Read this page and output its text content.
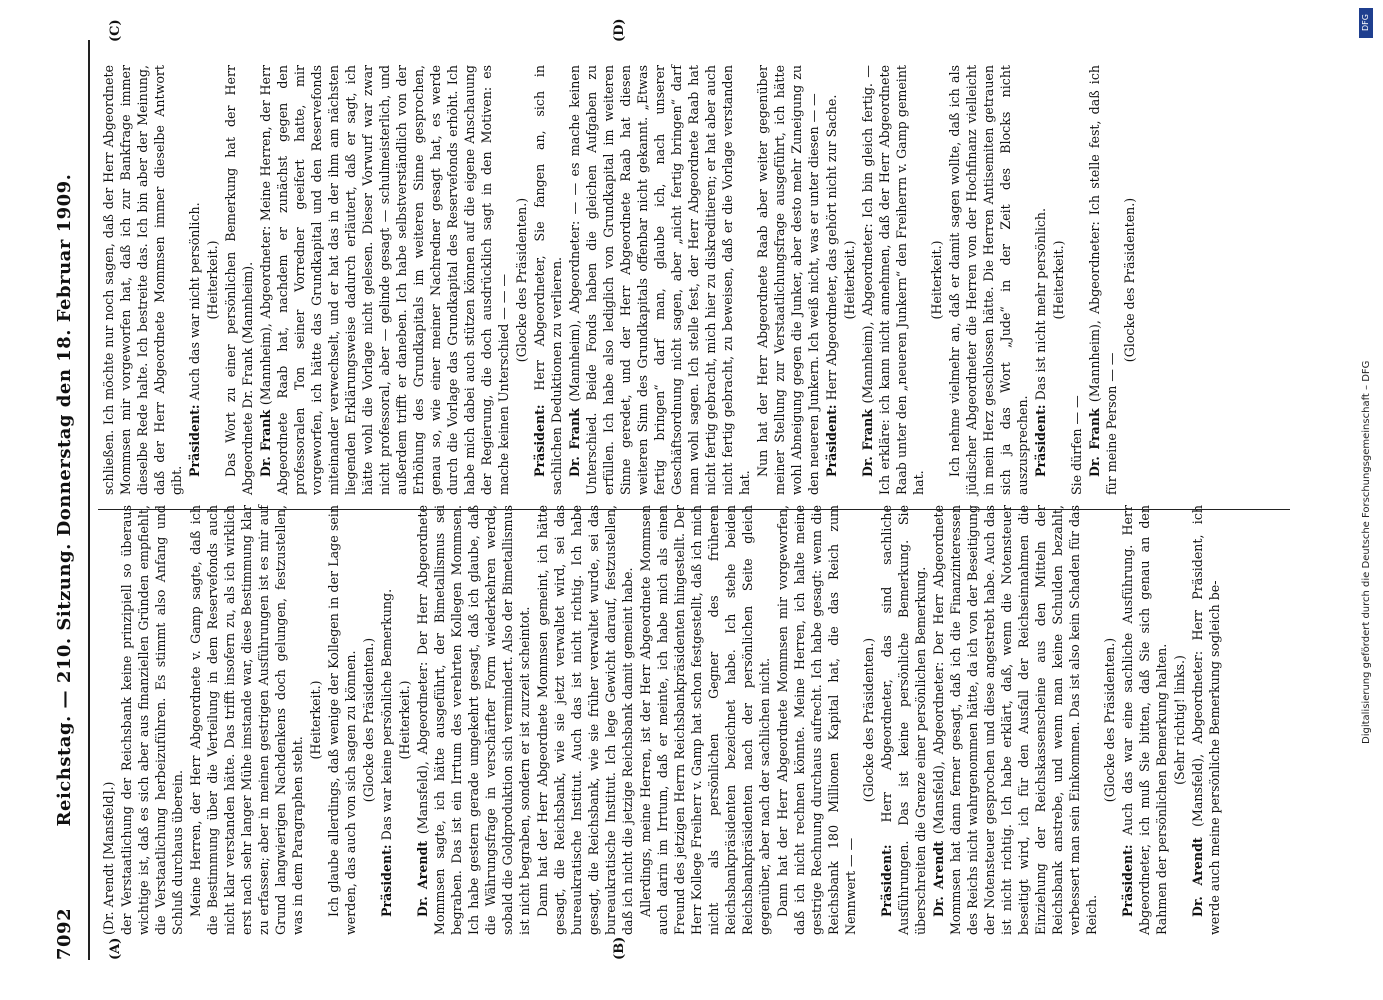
7092
Reichstag. — 210. Sitzung. Donnerstag den 18. Februar 1909.
(A)	(B)
(C)	(D)

(Dr. Arendt [Mansfeld].) der Verstaatlichung der Reichsbank keine prinzipiell so überaus wichtige ist, daß es sich aber aus finanziellen Gründen empfiehlt, die Verstaatlichung herbeizuführen. Es stimmt also Anfang und Schluß durchaus überein. Meine Herren, der Herr Abgeordnete v. Gamp sagte, daß ich die Bestimmung über die Verteilung in dem Reservefonds auch nicht klar verstanden hätte. Das trifft insofern zu, als ich wirklich erst nach sehr langer Mühe imstande war, diese Bestimmung klar zu erfassen; aber in meinen gestrigen Ausführungen ist es mir auf Grund langwierigen Nachdenkens doch gelungen, festzustellen, was in dem Paragraphen steht.

(Heiterkeit.) Ich glaube allerdings, daß wenige der Kollegen in der Lage sein werden, das auch von sich sagen zu können. (Glocke des Präsidenten.)

Präsident: Das war keine persönliche Bemerkung. (Heiterkeit.)

Dr. Arendt (Mansfeld), Abgeordneter: Der Herr Abgeordnete Mommsen sagte, ich hätte ausgeführt, der Bimetallismus sei begraben. Das ist ein Irrtum des verehrten Kollegen Mommsen. Ich habe gestern gerade umgekehrt gesagt, daß ich glaube, daß die Währungsfrage in verschärfter Form wiederkehren werde, sobald die Goldproduktion sich vermindert. Also der Bimetallismus ist nicht begraben, sondern er ist zurzeit scheintot. Dann hat der Herr Abgeordnete Mommsen gemeint, ich hätte gesagt, die Reichsbank, wie sie jetzt verwaltet wird, sei das bureaukratische Institut. Auch das ist nicht richtig. Ich habe gesagt, die Reichsbank, wie sie früher verwaltet wurde, sei das bureaukratische Institut. Ich lege Gewicht darauf, festzustellen, daß ich nicht die jetzige Reichsbank damit gemeint habe. Allerdings, meine Herren, ist der Herr Abgeordnete Mommsen auch darin im Irrtum, daß er meinte, ich habe mich als einen Freund des jetzigen Herrn Reichsbankpräsidenten hingestellt. Der Herr Kollege Freiherr v. Gamp hat schon festgestellt, daß ich mich nicht als persönlichen Gegner des früheren Reichsbankpräsidenten bezeichnet habe. Ich stehe beiden Reichsbankpräsidenten nach der persönlichen Seite gleich gegenüber, aber nach der sachlichen nicht. Dann hat der Herr Abgeordnete Mommsen mir vorgeworfen, daß ich nicht rechnen könnte. Meine Herren, ich halte meine gestrige Rechnung durchaus aufrecht. Ich habe gesagt: wenn die Reichsbank 180 Millionen Kapital hat, die das Reich zum Nennwert — —

(Glocke des Präsidenten.)

Präsident: Herr Abgeordneter, das sind sachliche Ausführungen. Das ist keine persönliche Bemerkung. Sie überschreiten die Grenze einer persönlichen Bemerkung. Dr. Arendt (Mansfeld), Abgeordneter: Der Herr Abgeordnete Mommsen hat dann ferner gesagt, daß ich die Finanzinteressen des Reichs nicht wahrgenommen hätte, da ich von der Beseitigung der Notensteuer gesprochen und diese angestrebt habe. Auch das ist nicht richtig. Ich habe erklärt, daß, wenn die Notensteuer beseitigt wird, ich für den Ausfall der Reichseinnahmen die Einziehung der Reichskassenscheine aus den Mitteln der Reichsbank anstrebe, und wenn man keine Schulden bezahlt, verbessert man sein Einkommen. Das ist also kein Schaden für das Reich.

(Glocke des Präsidenten.)

Präsident: Auch das war eine sachliche Ausführung. Herr Abgeordneter, ich muß Sie bitten, daß Sie sich genau an den Rahmen der persönlichen Bemerkung halten. (Sehr richtig! links.)

Dr. Arendt (Mansfeld), Abgeordneter: Herr Präsident, ich werde auch meine persönliche Bemerkung sogleich be-

schließen. Ich möchte nur noch sagen, daß der Herr Abgeordnete Mommsen mir vorgeworfen hat, daß ich zur Bankfrage immer dieselbe Rede halte. Ich bestreite das. Ich bin aber der Meinung, daß der Herr Abgeordnete Mommsen immer dieselbe Antwort gibt.

Präsident: Auch das war nicht persönlich. (Heiterkeit.) Das Wort zu einer persönlichen Bemerkung hat der Herr Abgeordnete Dr. Frank (Mannheim). Dr. Frank (Mannheim), Abgeordneter: Meine Herren, der Herr Abgeordnete Raab hat, nachdem er zunächst gegen den professoralen Ton seiner Vorredner geeifert hatte, mir vorgeworfen, ich hätte das Grundkapital und den Reservefonds miteinander verwechselt, und er hat das in der ihm am nächsten liegenden Erklärungsweise dadurch erläutert, daß er sagt, ich hätte wohl die Vorlage nicht gelesen. Dieser Vorwurf war zwar nicht professoral, aber — gelinde gesagt — schulmeisterlich, und außerdem trifft er daneben. Ich habe selbstverständlich von der Erhöhung des Grundkapitals im weiteren Sinne gesprochen, genau so, wie einer meiner Nachredner gesagt hat, es werde durch die Vorlage das Grundkapital des Reservefonds erhöht. Ich habe mich dabei auch stützen können auf die eigene Anschauung der Regierung, die doch ausdrücklich sagt in den Motiven: es mache keinen Unterschied — — — (Glocke des Präsidenten.)

Präsident: Herr Abgeordneter, Sie fangen an, sich in sachlichen Deduktionen zu verlieren. Dr. Frank (Mannheim), Abgeordneter: — — es mache keinen Unterschied. Beide Fonds haben die gleichen Aufgaben zu erfüllen. Ich habe also lediglich von Grundkapital im weiteren Sinne geredet, und der Herr Abgeordnete Raab hat diesen weiteren Sinn des Grundkapitals offenbar nicht gekannt. „Etwas fertig bringen“ darf man, glaube ich, nach unserer Geschäftsordnung nicht sagen, aber „nicht fertig bringen“ darf man wohl sagen. Ich stelle fest, der Herr Abgeordnete Raab hat nicht fertig gebracht, mich hier zu diskreditieren; er hat aber auch nicht fertig gebracht, zu beweisen, daß er die Vorlage verstanden hat.

Nun hat der Herr Abgeordnete Raab aber weiter gegenüber meiner Stellung zur Verstaatlichungsfrage ausgeführt, ich hätte wohl Abneigung gegen die Junker, aber desto mehr Zuneigung zu den neueren Junkern. Ich weiß nicht, was er unter diesen — — Präsident: Herr Abgeordneter, das gehört nicht zur Sache. (Heiterkeit.)

Dr. Frank (Mannheim), Abgeordneter: Ich bin gleich fertig. — Ich erkläre: ich kann nicht annehmen, daß der Herr Abgeordnete Raab unter den „neueren Junkern“ den Freiherrn v. Gamp gemeint hat.

(Heiterkeit.) Ich nehme vielmehr an, daß er damit sagen wollte, daß ich als jüdischer Abgeordneter die Herren von der Hochfinanz vielleicht in mein Herz geschlossen hätte. Die Herren Antisemiten getrauen sich ja das Wort „Jude“ in der Zeit des Blocks nicht auszusprechen. Präsident: Das ist nicht mehr persönlich. (Heiterkeit.)

Sie dürfen — — Dr. Frank (Mannheim), Abgeordneter: Ich stelle fest, daß ich für meine Person — —

(Glocke des Präsidenten.)

DFG
Digitalisierung gefördert durch die Deutsche Forschungsgemeinschaft – DFG
